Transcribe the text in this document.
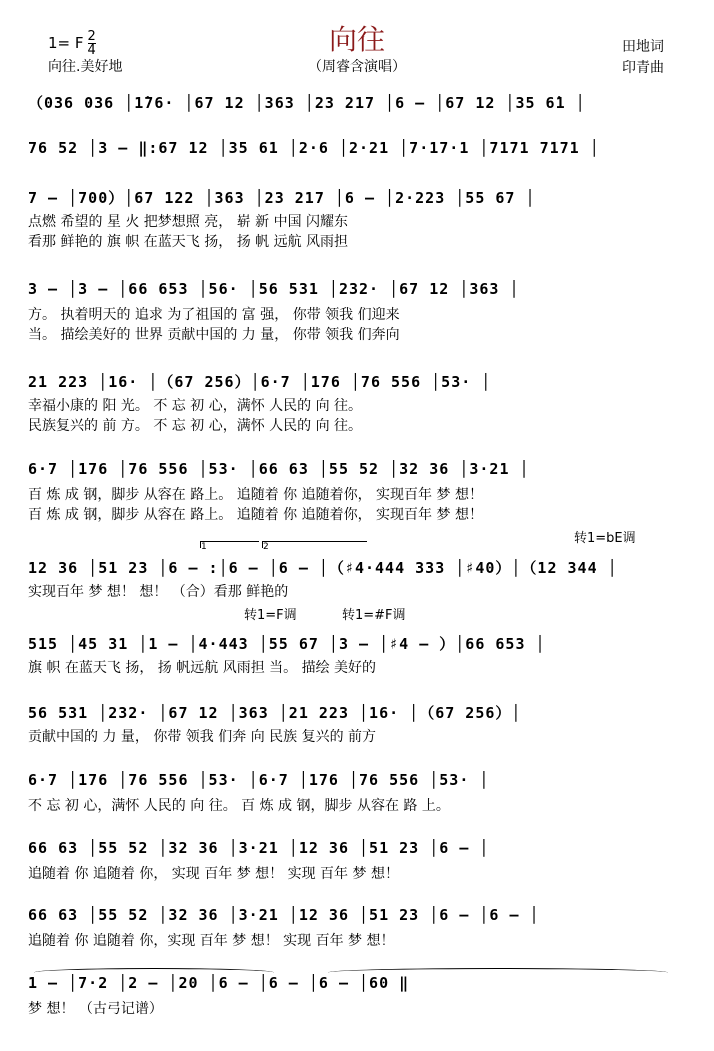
向往
（周睿含演唱）
1= F $\frac{2}{4}$
向往.美好地
田地词
印青曲
（036 036 │1̇76· │67 12 │363 │23 217 │6 – │67 12 │35 6̇1 │
76 52 │3 – ‖:67 12 │35 61 │2·6 │2·21 │7·17·1 │7171 7171 │
7 – │700）│67 122 │363 │23 217 │6 – │2·223 │55 67 │
点燃 希望的 星 火 把梦想照 亮， 崭 新 中国 闪耀东
看那 鲜艳的 旗 帜 在蓝天飞 扬， 扬 帆 远航 风雨担
3 – │3 – │66 653 │56· │56 531 │232· │67 12 │363 │
方。 执着明天的 追求 为了祖国的 富 强， 你带 领我 们迎来
当。 描绘美好的 世界 贡献中国的 力 量， 你带 领我 们奔向
21 223 │16· │（67 256）│6·7 │176 │76 556 │53· │
幸福小康的 阳 光。 不 忘 初 心，满怀 人民的 向 往。
民族复兴的 前 方。 不 忘 初 心，满怀 人民的 向 往。
6·7 │176 │76 556 │53· │66 63 │55 52 │32 36 │3·21 │
百 炼 成 钢，脚步 从容在 路上。 追随着 你 追随着你， 实现百年 梦 想！
百 炼 成 钢，脚步 从容在 路上。 追随着 你 追随着你， 实现百年 梦 想！
转1=bE调
1	2
12 36 │51 23 │6 – :│6 – │6 – │（♯4·444 333 │♯40）│（12 344 │
实现百年 梦 想！ 想！ （合）看那 鲜艳的
转1=F调	转1=#F调
515 │45 31 │1 – │4·443 │55 67 │3 – │♯4 – ）│66 653 │
旗 帜 在蓝天飞 扬， 扬 帆远航 风雨担 当。 描绘 美好的
56 531 │232· │67 12 │363 │21 223 │16· │（67 256）│
贡献中国的 力 量， 你带 领我 们奔 向 民族 复兴的 前方
6·7 │176 │76 556 │53· │6·7 │176 │76 556 │53· │
不 忘 初 心，满怀 人民的 向 往。 百 炼 成 钢，脚步 从容在 路 上。
66 63 │55 52 │32 36 │3·21 │12 36 │51 23 │6 – │
追随着 你 追随着 你， 实现 百年 梦 想！ 实现 百年 梦 想！
66 63 │55 52 │32 36 │3·21 │12 36 │51 23 │6 – │6 – │
追随着 你 追随着 你，实现 百年 梦 想！ 实现 百年 梦 想！
1 – │7·2 │2 – │20 │6 – │6 – │6 – │60 ‖
梦 想！ （古弓记谱）
